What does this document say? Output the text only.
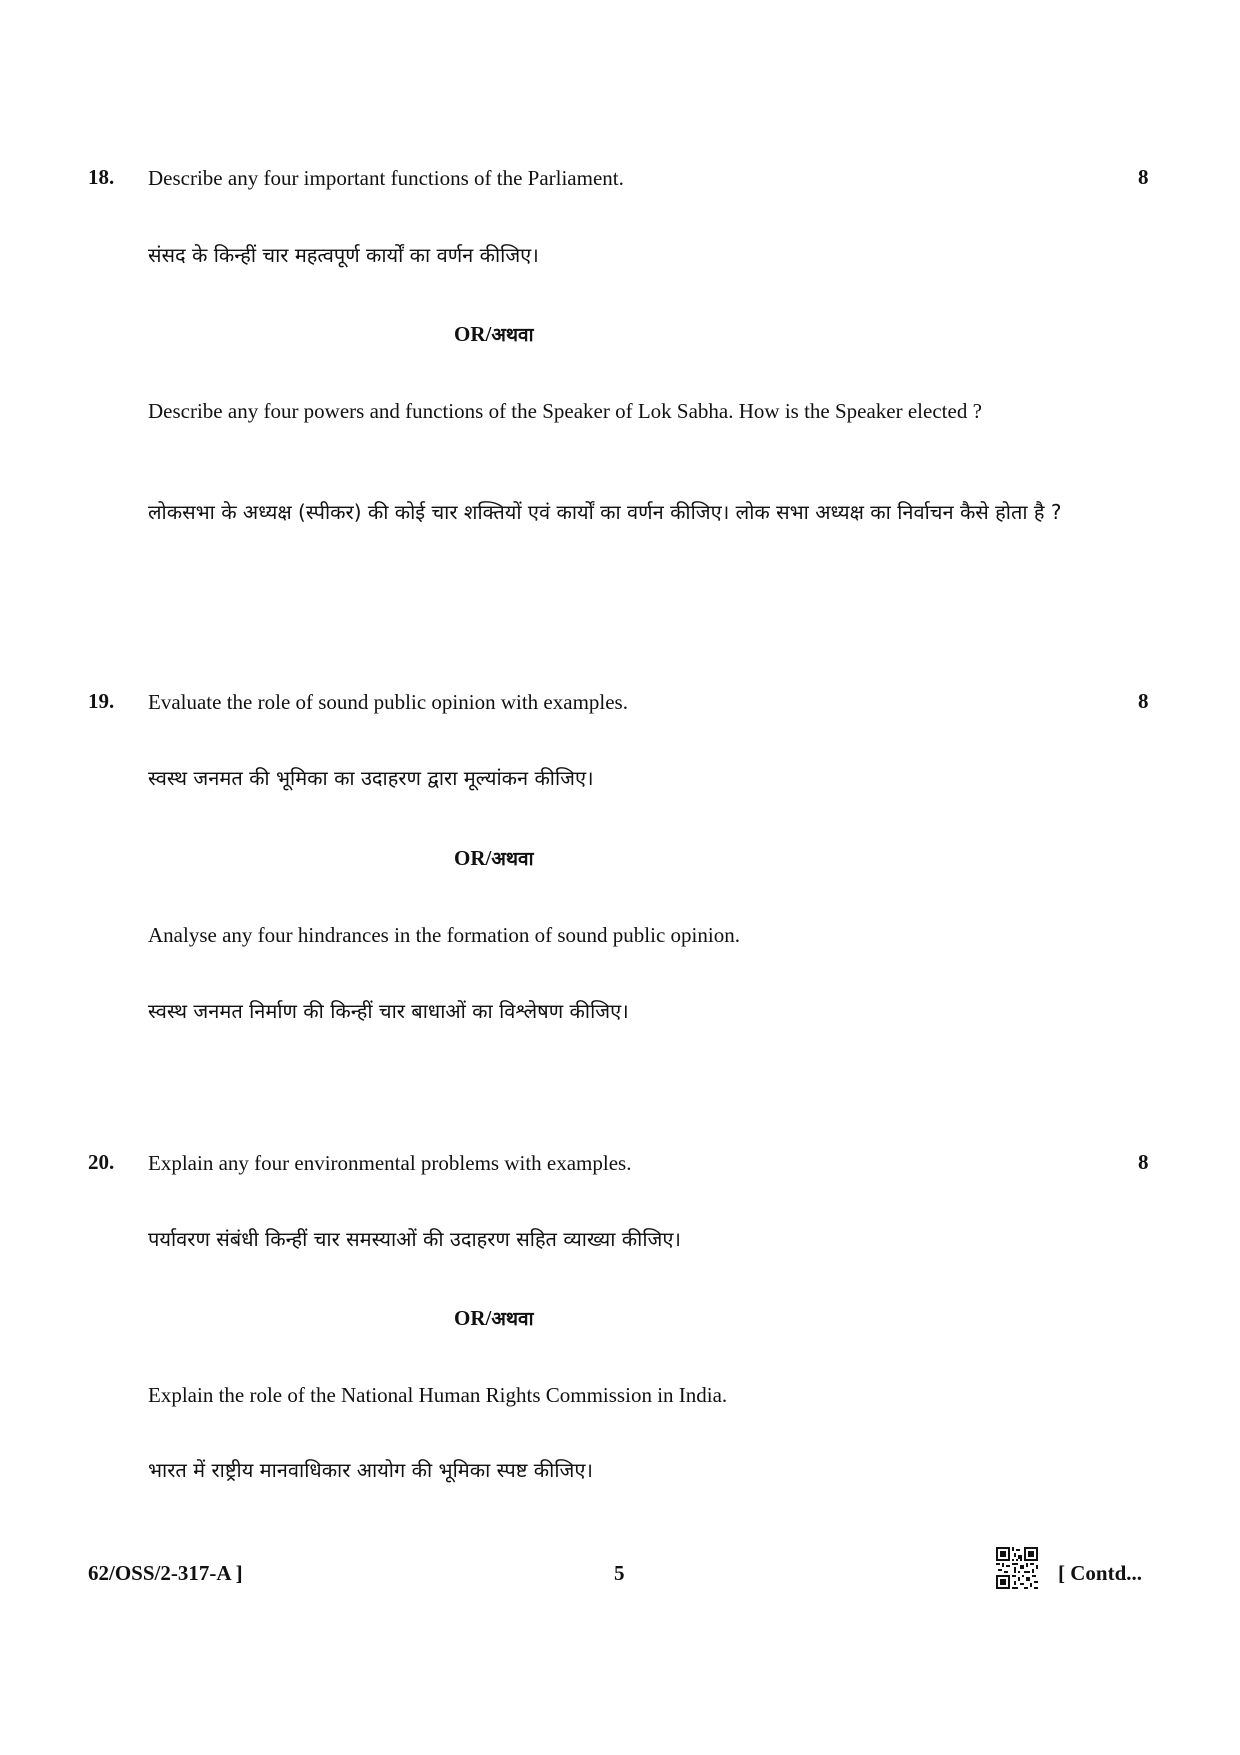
18. Describe any four important functions of the Parliament.	8
संसद के किन्हीं चार महत्वपूर्ण कार्यों का वर्णन कीजिए।
OR/अथवा
Describe any four powers and functions of the Speaker of Lok Sabha. How is the Speaker elected ?
लोकसभा के अध्यक्ष (स्पीकर) की कोई चार शक्तियों एवं कार्यों का वर्णन कीजिए। लोक सभा अध्यक्ष का निर्वाचन कैसे होता है ?
19. Evaluate the role of sound public opinion with examples.	8
स्वस्थ जनमत की भूमिका का उदाहरण द्वारा मूल्यांकन कीजिए।
OR/अथवा
Analyse any four hindrances in the formation of sound public opinion.
स्वस्थ जनमत निर्माण की किन्हीं चार बाधाओं का विश्लेषण कीजिए।
20. Explain any four environmental problems with examples.	8
पर्यावरण संबंधी किन्हीं चार समस्याओं की उदाहरण सहित व्याख्या कीजिए।
OR/अथवा
Explain the role of the National Human Rights Commission in India.
भारत में राष्ट्रीय मानवाधिकार आयोग की भूमिका स्पष्ट कीजिए।
62/OSS/2-317-A ]	5	[ Contd...
